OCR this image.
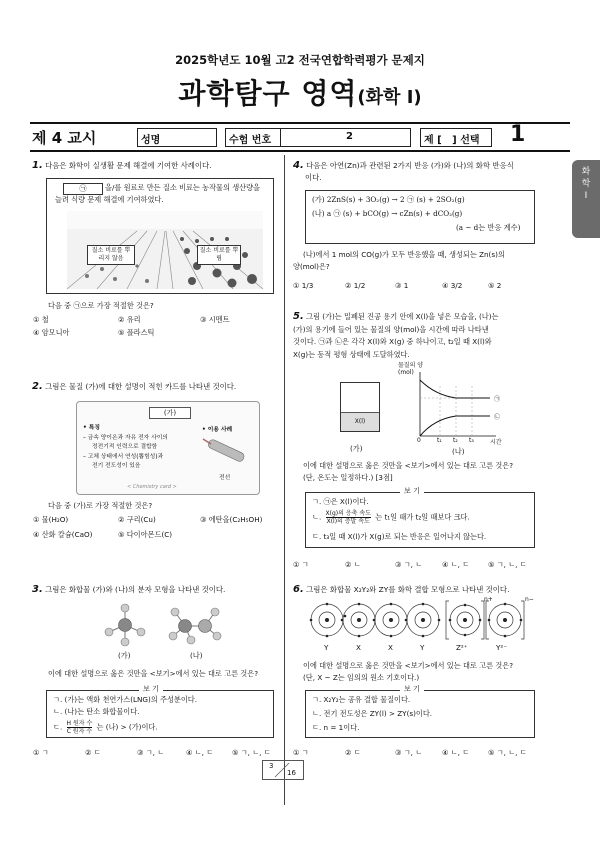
2025학년도 10월 고2 전국연합학력평가 문제지
과학탐구 영역(화학 Ⅰ)
제 4 교시	성명	수험 번호	2	제 [   ] 선택 1
화
학
Ⅰ
1. 다음은 화학이 실생활 문제 해결에 기여한 사례이다.
㉠	을/를 원료로 만든 질소 비료는 농작물의 생산량을
늘려 식량 문제 해결에 기여하였다.
질소 비료를 뿌리지 않음
질소 비료를 뿌림
다음 중 ㉠으로 가장 적절한 것은?
① 철	② 유리	③ 시멘트
④ 암모니아	⑤ 플라스틱
2. 그림은 물질 (가)에 대한 설명이 적힌 카드를 나타낸 것이다.
(가)
• 특징
– 금속 양이온과 자유 전자 사이의
정전기적 인력으로 결합함
– 고체 상태에서 연성(뽑힘성)과
전기 전도성이 있음
• 이용 사례
전선
< Chemistry card >
다음 중 (가)로 가장 적절한 것은?
① 물(H₂O)	② 구리(Cu)	③ 에탄올(C₂H₅OH)
④ 산화 칼슘(CaO)	⑤ 다이아몬드(C)
3. 그림은 화합물 (가)와 (나)의 분자 모형을 나타낸 것이다.
(가)	(나)
이에 대한 설명으로 옳은 것만을 <보기>에서 있는 대로 고른 것은?
보 기
ㄱ. (가)는 액화 천연가스(LNG)의 주성분이다.
ㄴ. (나)는 탄소 화합물이다.
ㄷ. H 원자 수
C 원자 수 는 (나) > (가)이다.
① ㄱ	② ㄷ	③ ㄱ, ㄴ	④ ㄴ, ㄷ	⑤ ㄱ, ㄴ, ㄷ
4. 다음은 아연(Zn)과 관련된 2가지 반응 (가)와 (나)의 화학 반응식
이다.
(가) 2ZnS(s) + 3O₂(g) → 2 ㉠ (s) + 2SO₂(g)
(나) a ㉠ (s) + bCO(g) → cZn(s) + dCO₂(g)
(a ~ d는 반응 계수)
(나)에서 1 mol의 CO(g)가 모두 반응했을 때, 생성되는 Zn(s)의
양(mol)은?
① 1/3	② 1/2	③ 1	④ 3/2	⑤ 2
5. 그림 (가)는 밀폐된 진공 용기 안에 X(l)을 넣은 모습을, (나)는
(가)의 용기에 들어 있는 물질의 양(mol)을 시간에 따라 나타낸
것이다. ㉠과 ㉡은 각각 X(l)와 X(g) 중 하나이고, t₂일 때 X(l)와
X(g)는 동적 평형 상태에 도달하였다.
X(l)
(가)
물질의 양 (mol)
㉠
㉡
0	t₁ t₂ t₃	시간
(나)
이에 대한 설명으로 옳은 것만을 <보기>에서 있는 대로 고른 것은?
(단, 온도는 일정하다.) [3점]
보 기
ㄱ. ㉠은 X(l)이다.
ㄴ. X(g)의 응축 속도
X(l)의 증발 속도 는 t₁일 때가 t₂일 때보다 크다.
ㄷ. t₃일 때 X(l)가 X(g)로 되는 반응은 일어나지 않는다.
① ㄱ	② ㄴ	③ ㄱ, ㄴ	④ ㄴ, ㄷ	⑤ ㄱ, ㄴ, ㄷ
6. 그림은 화합물 X₂Y₂와 ZY를 화학 결합 모형으로 나타낸 것이다.
n+	n−
Y	X	X	Y	Z²⁺	Y²⁻
이에 대한 설명으로 옳은 것만을 <보기>에서 있는 대로 고른 것은?
(단, X ~ Z는 임의의 원소 기호이다.)
보 기
ㄱ. X₂Y₂는 공유 결합 물질이다.
ㄴ. 전기 전도성은 ZY(l) > ZY(s)이다.
ㄷ. n = 1이다.
① ㄱ	② ㄷ	③ ㄱ, ㄴ	④ ㄴ, ㄷ	⑤ ㄱ, ㄴ, ㄷ
3
16
